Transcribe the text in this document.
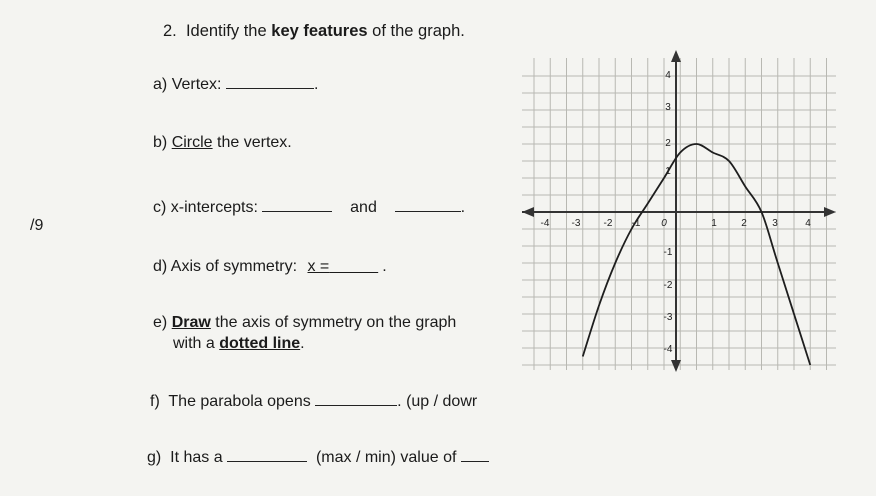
/9
2. Identify the key features of the graph.
a) Vertex:	.
b) Circle the vertex.
c) x-intercepts:	and	.
d) Axis of symmetry: x =	.
e) Draw the axis of symmetry on the graph
with a dotted line.
f) The parabola opens	. (up / dowr
g) It has a	(max / min) value of
-4 -3 -2 -1 0	1 2	3	4
4
3
2
1
-1
-2
-3
-4
